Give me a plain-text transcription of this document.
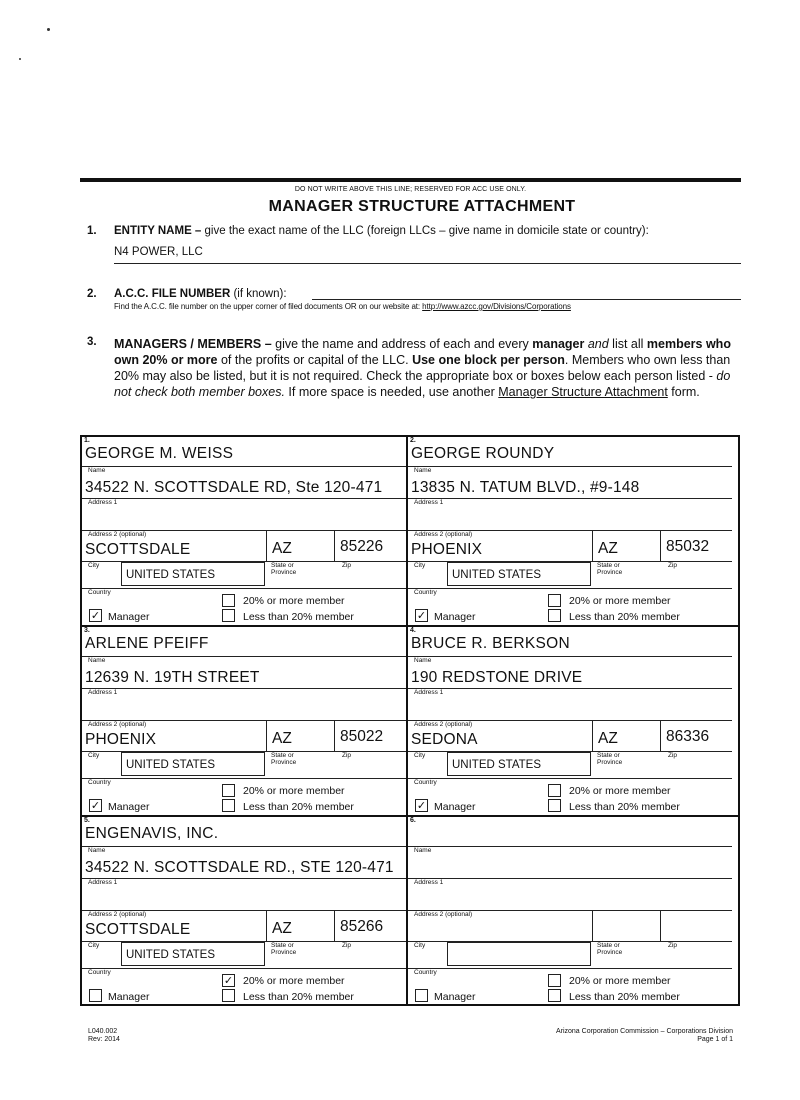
DO NOT WRITE ABOVE THIS LINE; RESERVED FOR ACC USE ONLY.
MANAGER STRUCTURE ATTACHMENT
1. ENTITY NAME – give the exact name of the LLC (foreign LLCs – give name in domicile state or country):
N4 POWER, LLC
2. A.C.C. FILE NUMBER (if known):
Find the A.C.C. file number on the upper corner of filed documents OR on our website at: http://www.azcc.gov/Divisions/Corporations
3. MANAGERS / MEMBERS – give the name and address of each and every manager and list all members who own 20% or more of the profits or capital of the LLC. Use one block per person. Members who own less than 20% may also be listed, but it is not required. Check the appropriate box or boxes below each person listed - do not check both member boxes. If more space is needed, use another Manager Structure Attachment form.
1.
GEORGE M. WEISS
Name
34522 N. SCOTTSDALE RD, Ste 120-471
Address 1
Address 2 (optional)
SCOTTSDALE	AZ	85226
City	State or Province
Zip
UNITED STATES
Country
20% or more member
✓ Manager	Less than 20% member
2.
GEORGE ROUNDY
Name
13835 N. TATUM BLVD., #9-148
Address 1
Address 2 (optional)
PHOENIX	AZ	85032
City	State or Province
Zip
UNITED STATES
Country
20% or more member
✓ Manager	Less than 20% member
3.
ARLENE PFEIFF
Name
12639 N. 19TH STREET
Address 1
Address 2 (optional)
PHOENIX	AZ	85022
City	State or Province
Zip
UNITED STATES
Country
20% or more member
✓ Manager	Less than 20% member
4.
BRUCE R. BERKSON
Name
190 REDSTONE DRIVE
Address 1
Address 2 (optional)
SEDONA	AZ	86336
City	State or Province
Zip
UNITED STATES
Country
20% or more member
✓ Manager	Less than 20% member
5.
ENGENAVIS, INC.
Name
34522 N. SCOTTSDALE RD., STE 120-471
Address 1
Address 2 (optional)
SCOTTSDALE	AZ	85266
City	State or Province
Zip
UNITED STATES
Country
✓ 20% or more member
Manager	Less than 20% member
6.
Name
Address 1
Address 2 (optional)
City	State or Province
Zip
Country
20% or more member
Manager	Less than 20% member
L040.002
Rev: 2014
Arizona Corporation Commission – Corporations Division
Page 1 of 1
